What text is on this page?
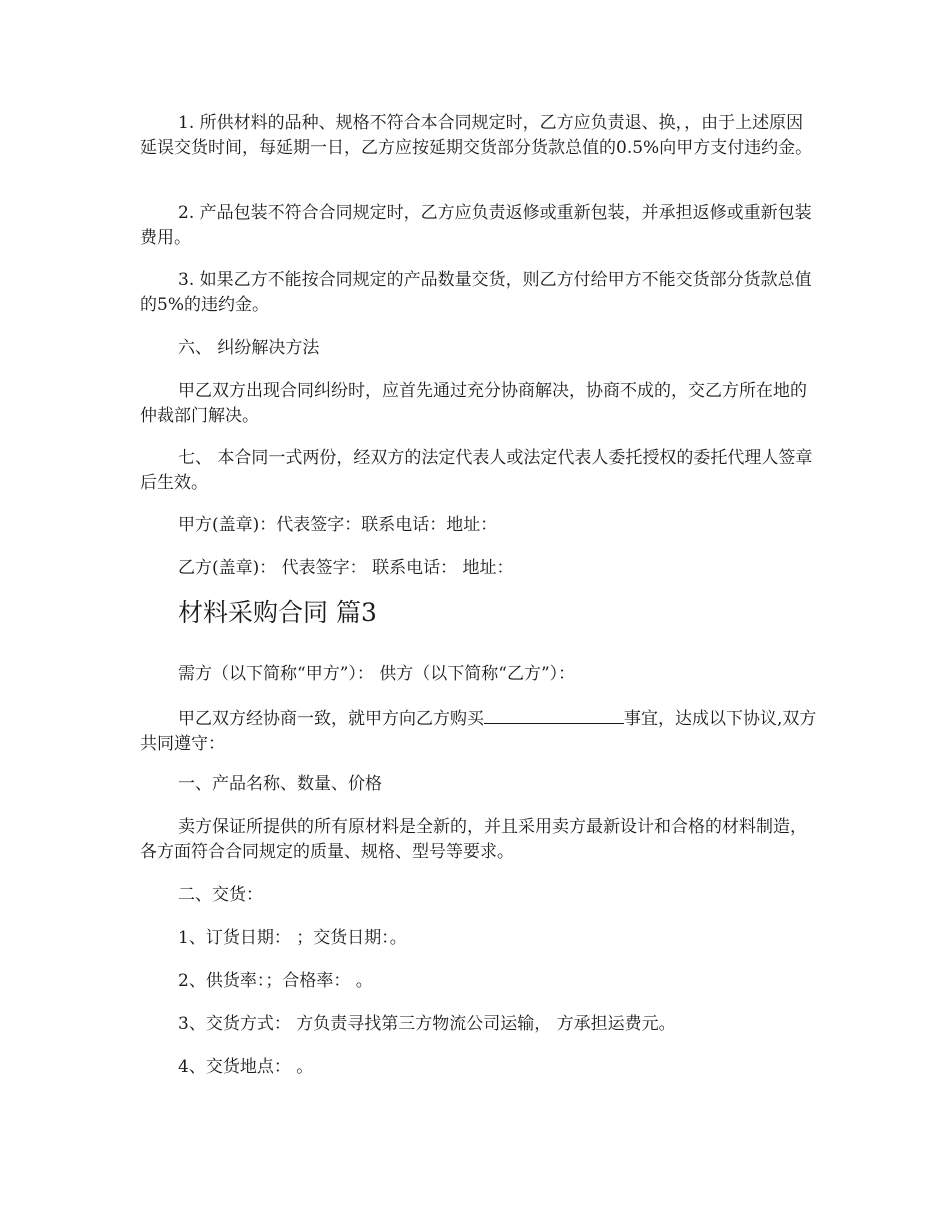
1. 所供材料的品种、规格不符合本合同规定时，乙方应负责退、换，，由于上述原因延误交货时间，每延期一日，乙方应按延期交货部分货款总值的0.5%向甲方支付违约金。

2. 产品包装不符合合同规定时，乙方应负责返修或重新包装，并承担返修或重新包装费用。

3. 如果乙方不能按合同规定的产品数量交货，则乙方付给甲方不能交货部分货款总值的5%的违约金。

六、 纠纷解决方法

甲乙双方出现合同纠纷时，应首先通过充分协商解决，协商不成的，交乙方所在地的仲裁部门解决。

七、 本合同一式两份，经双方的法定代表人或法定代表人委托授权的委托代理人签章后生效。

甲方(盖章)：代表签字：联系电话：地址：

乙方(盖章)： 代表签字： 联系电话： 地址：

材料采购合同 篇3

需方（以下简称“甲方”）： 供方（以下简称“乙方”）：

甲乙双方经协商一致，就甲方向乙方购买	事宜，达成以下协议,双方共同遵守：

一、产品名称、数量、价格

卖方保证所提供的所有原材料是全新的，并且采用卖方最新设计和合格的材料制造，各方面符合合同规定的质量、规格、型号等要求。

二、交货：

1、订货日期： ；交货日期：。

2、供货率：；合格率： 。

3、交货方式： 方负责寻找第三方物流公司运输， 方承担运费元。

4、交货地点： 。
